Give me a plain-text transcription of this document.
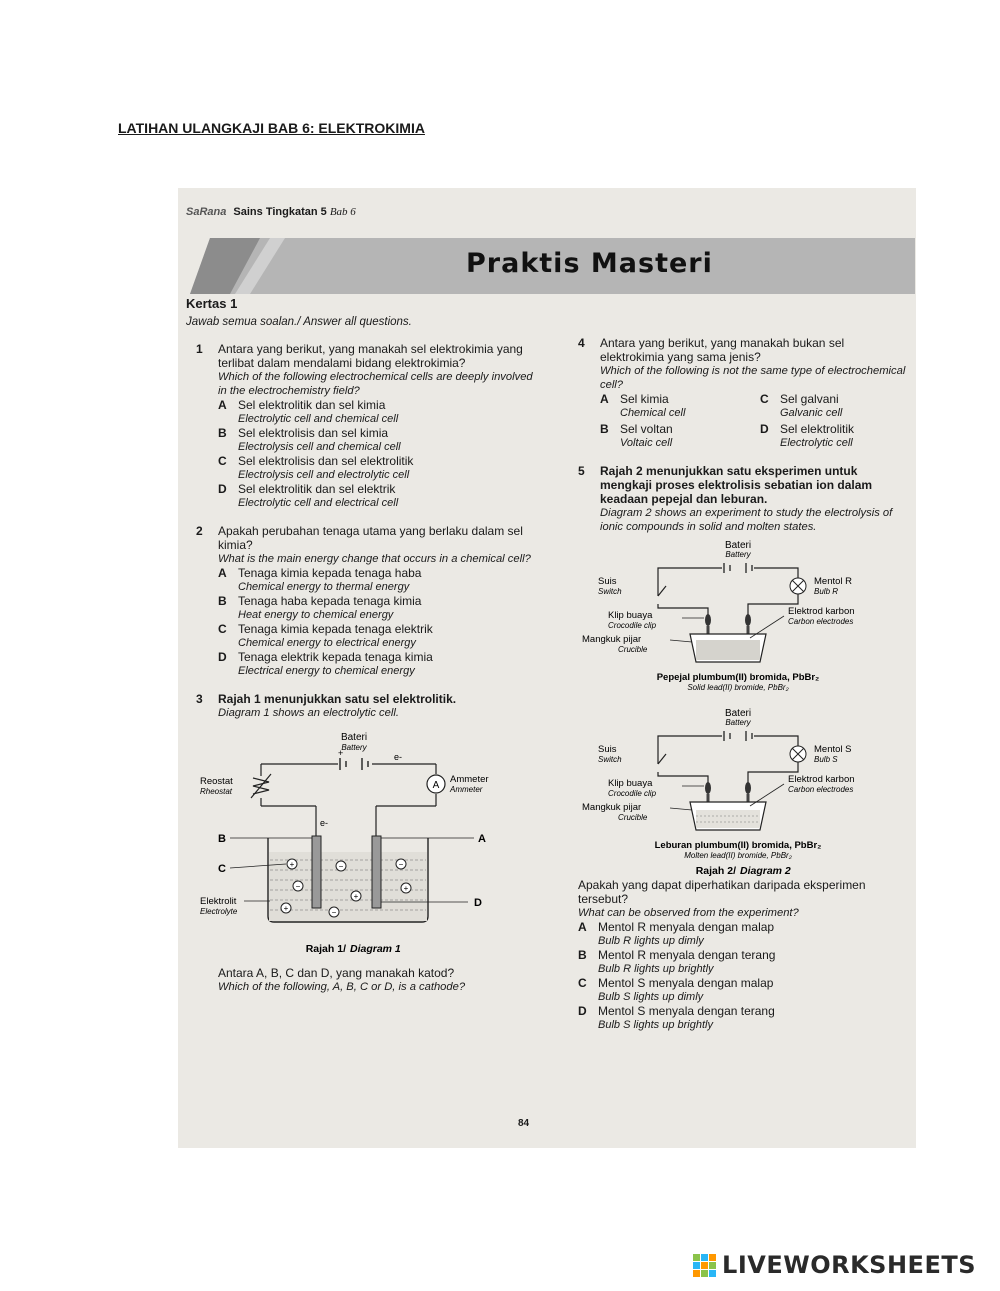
LATIHAN ULANGKAJI BAB 6: ELEKTROKIMIA
SaRana Sains Tingkatan 5 Bab 6
Praktis Masteri
Kertas 1
Jawab semua soalan./ Answer all questions.
1 Antara yang berikut, yang manakah sel elektrokimia yang terlibat dalam mendalami bidang elektrokimia?
Which of the following electrochemical cells are deeply involved in the electrochemistry field?
A Sel elektrolitik dan sel kimia
Electrolytic cell and chemical cell
B Sel elektrolisis dan sel kimia
Electrolysis cell and chemical cell
C Sel elektrolisis dan sel elektrolitik
Electrolysis cell and electrolytic cell
D Sel elektrolitik dan sel elektrik
Electrolytic cell and electrical cell
2 Apakah perubahan tenaga utama yang berlaku dalam sel kimia?
What is the main energy change that occurs in a chemical cell?
A Tenaga kimia kepada tenaga haba
Chemical energy to thermal energy
B Tenaga haba kepada tenaga kimia
Heat energy to chemical energy
C Tenaga kimia kepada tenaga elektrik
Chemical energy to electrical energy
D Tenaga elektrik kepada tenaga kimia
Electrical energy to chemical energy
3 Rajah 1 menunjukkan satu sel elektrolitik.
Diagram 1 shows an electrolytic cell.
Bateri
Battery
+	e-
e-
A
Ammeter
Ammeter
Reostat
Rheostat
+	−	−
−
+
+
+	−
B	A
C
D
Elektrolit
Electrolyte
Rajah 1/ Diagram 1
Antara A, B, C dan D, yang manakah katod?
Which of the following, A, B, C or D, is a cathode?
4 Antara yang berikut, yang manakah bukan sel elektrokimia yang sama jenis?
Which of the following is not the same type of electrochemical cell?
A Sel kimia
Chemical cell
C Sel galvani
Galvanic cell
B Sel voltan
Voltaic cell
D Sel elektrolitik
Electrolytic cell
5 Rajah 2 menunjukkan satu eksperimen untuk mengkaji proses elektrolisis sebatian ion dalam keadaan pepejal dan leburan.
Diagram 2 shows an experiment to study the electrolysis of ionic compounds in solid and molten states.
Bateri
Battery
Mentol R
Bulb R
Suis
Switch
Klip buaya
Crocodile clip
Elektrod karbon
Carbon electrodes
Mangkuk pijar
Crucible
Pepejal plumbum(II) bromida, PbBr₂
Solid lead(II) bromide, PbBr₂
Bateri
Battery
Mentol S
Bulb S
Suis
Switch
Klip buaya
Crocodile clip
Elektrod karbon
Carbon electrodes
Mangkuk pijar
Crucible
Leburan plumbum(II) bromida, PbBr₂
Molten lead(II) bromide, PbBr₂
Rajah 2/ Diagram 2
Apakah yang dapat diperhatikan daripada eksperimen tersebut?
What can be observed from the experiment?
A Mentol R menyala dengan malap
Bulb R lights up dimly
B Mentol R menyala dengan terang
Bulb R lights up brightly
C Mentol S menyala dengan malap
Bulb S lights up dimly
D Mentol S menyala dengan terang
Bulb S lights up brightly
84
LIVEWORKSHEETS
